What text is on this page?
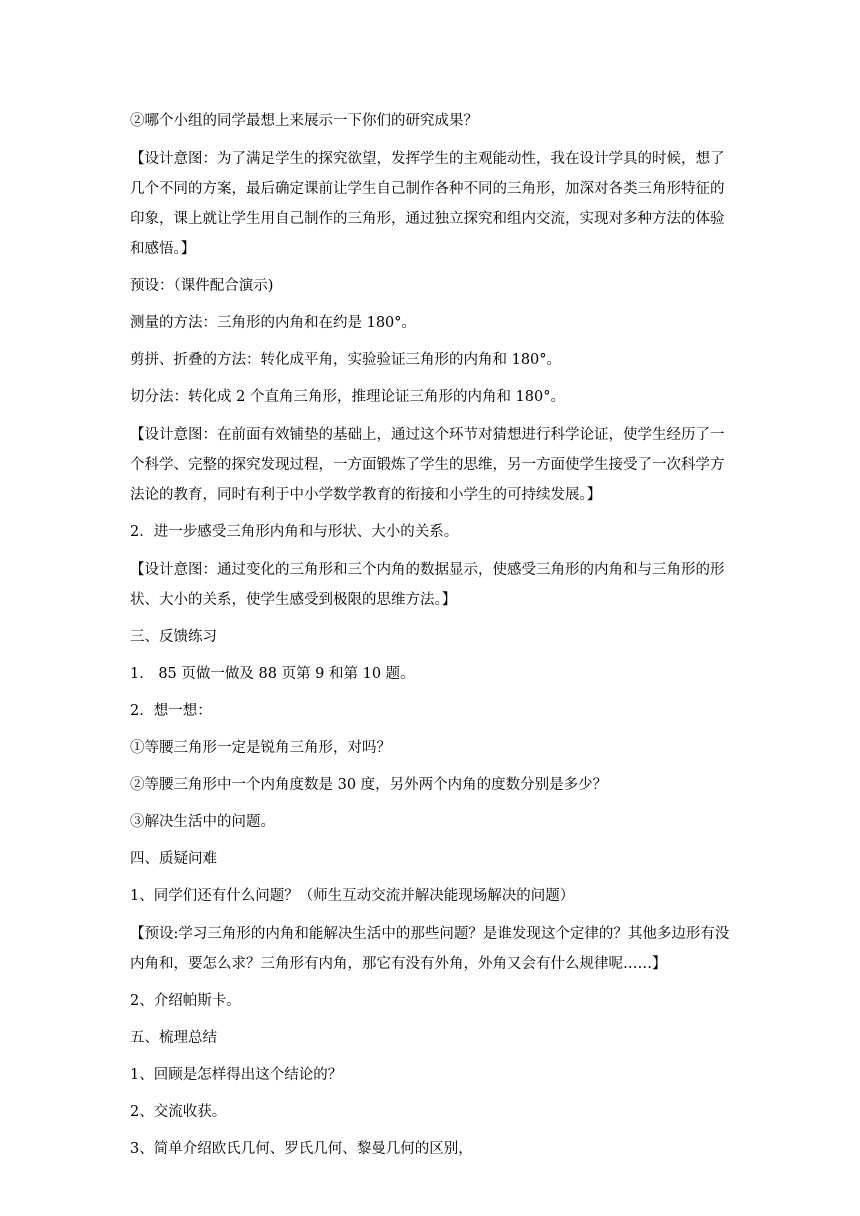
②哪个小组的同学最想上来展示一下你们的研究成果？

【设计意图：为了满足学生的探究欲望，发挥学生的主观能动性，我在设计学具的时候，想了几个不同的方案，最后确定课前让学生自己制作各种不同的三角形，加深对各类三角形特征的印象，课上就让学生用自己制作的三角形，通过独立探究和组内交流，实现对多种方法的体验和感悟。】

预设：（课件配合演示)

测量的方法：三角形的内角和在约是 180°。

剪拼、折叠的方法：转化成平角，实验验证三角形的内角和 180°。

切分法：转化成 2 个直角三角形，推理论证三角形的内角和 180°。

【设计意图：在前面有效铺垫的基础上，通过这个环节对猜想进行科学论证，使学生经历了一个科学、完整的探究发现过程，一方面锻炼了学生的思维，另一方面使学生接受了一次科学方法论的教育，同时有利于中小学数学教育的衔接和小学生的可持续发展。】

2．进一步感受三角形内角和与形状、大小的关系。

【设计意图：通过变化的三角形和三个内角的数据显示，使感受三角形的内角和与三角形的形状、大小的关系，使学生感受到极限的思维方法。】

三、反馈练习

1． 85 页做一做及 88 页第 9 和第 10 题。

2．想一想：

①等腰三角形一定是锐角三角形，对吗？

②等腰三角形中一个内角度数是 30 度，另外两个内角的度数分别是多少？

③解决生活中的问题。

四、质疑问难

1、同学们还有什么问题？（师生互动交流并解决能现场解决的问题）

【预设:学习三角形的内角和能解决生活中的那些问题？是谁发现这个定律的？其他多边形有没内角和，要怎么求？三角形有内角，那它有没有外角，外角又会有什么规律呢……】

2、介绍帕斯卡。

五、梳理总结

1、回顾是怎样得出这个结论的？

2、交流收获。

3、简单介绍欧氏几何、罗氏几何、黎曼几何的区别，
